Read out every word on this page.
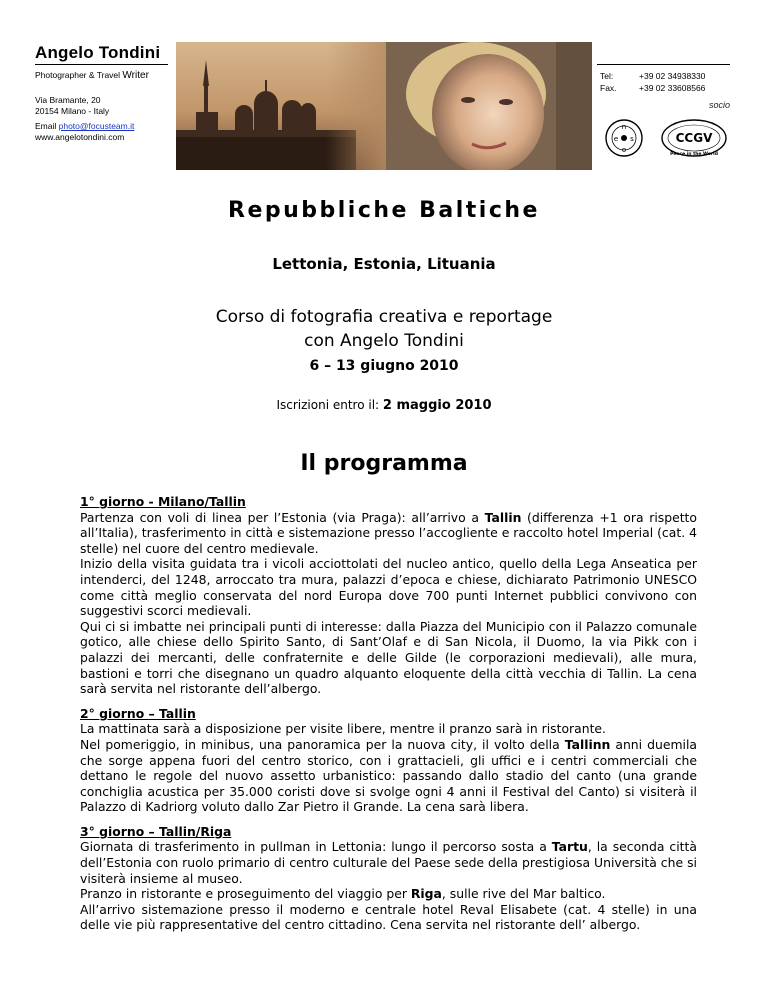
Angelo Tondini
Photographer & Travel Writer
Via Bramante, 20
20154 Milano - Italy
Email photo@focusteam.it
www.angelotondini.com
Tel:	+39 02 34938330
Fax.	+39 02 33608566
socio
n
e s
o
CCGV
Peace in the World
Repubbliche Baltiche
Lettonia, Estonia, Lituania
Corso di fotografia creativa e reportage
con Angelo Tondini
6 – 13 giugno 2010
Iscrizioni entro il: 2 maggio 2010
Il programma

1° giorno - Milano/Tallin

Partenza con voli di linea per l’Estonia (via Praga): all’arrivo a Tallin (differenza +1 ora rispetto all’Italia), trasferimento in città e sistemazione presso l’accogliente e raccolto hotel Imperial (cat. 4 stelle) nel cuore del centro medievale.

Inizio della visita guidata tra i vicoli acciottolati del nucleo antico, quello della Lega Anseatica per intenderci, del 1248, arroccato tra mura, palazzi d’epoca e chiese, dichiarato Patrimonio UNESCO come città meglio conservata del nord Europa dove 700 punti Internet pubblici convivono con suggestivi scorci medievali.

Qui ci si imbatte nei principali punti di interesse: dalla Piazza del Municipio con il Palazzo comunale gotico, alle chiese dello Spirito Santo, di Sant’Olaf e di San Nicola, il Duomo, la via Pikk con i palazzi dei mercanti, delle confraternite e delle Gilde (le corporazioni medievali), alle mura, bastioni e torri che disegnano un quadro alquanto eloquente della città vecchia di Tallin. La cena sarà servita nel ristorante dell’albergo.

2° giorno – Tallin

La mattinata sarà a disposizione per visite libere, mentre il pranzo sarà in ristorante.

Nel pomeriggio, in minibus, una panoramica per la nuova city, il volto della Tallinn anni duemila che sorge appena fuori del centro storico, con i grattacieli, gli uffici e i centri commerciali che dettano le regole del nuovo assetto urbanistico: passando dallo stadio del canto (una grande conchiglia acustica per 35.000 coristi dove si svolge ogni 4 anni il Festival del Canto) si visiterà il Palazzo di Kadriorg voluto dallo Zar Pietro il Grande. La cena sarà libera.

3° giorno – Tallin/Riga

Giornata di trasferimento in pullman in Lettonia: lungo il percorso sosta a Tartu, la seconda città dell’Estonia con ruolo primario di centro culturale del Paese sede della prestigiosa Università che si visiterà insieme al museo.

Pranzo in ristorante e proseguimento del viaggio per Riga, sulle rive del Mar baltico.

All’arrivo sistemazione presso il moderno e centrale hotel Reval Elisabete (cat. 4 stelle) in una delle vie più rappresentative del centro cittadino. Cena servita nel ristorante dell’ albergo.
